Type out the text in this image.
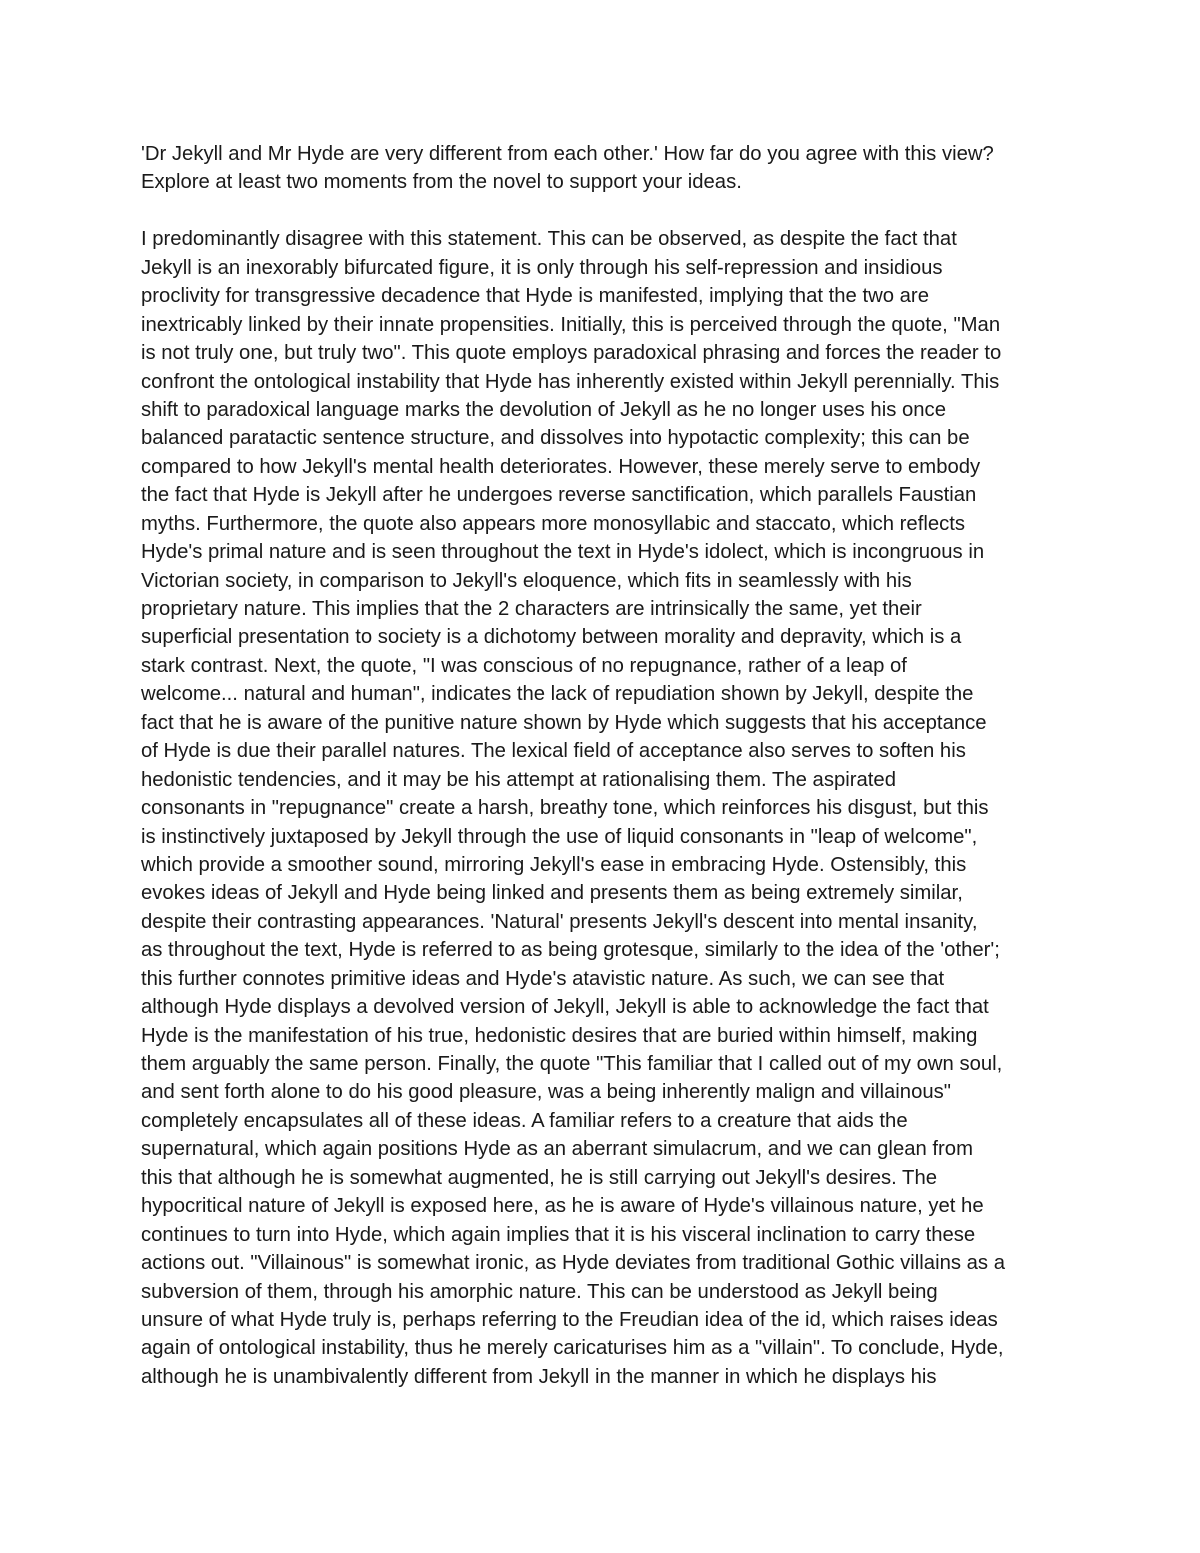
'Dr Jekyll and Mr Hyde are very different from each other.' How far do you agree with this view?
Explore at least two moments from the novel to support your ideas.
I predominantly disagree with this statement. This can be observed, as despite the fact that
Jekyll is an inexorably bifurcated figure, it is only through his self-repression and insidious
proclivity for transgressive decadence that Hyde is manifested, implying that the two are
inextricably linked by their innate propensities. Initially, this is perceived through the quote, "Man
is not truly one, but truly two". This quote employs paradoxical phrasing and forces the reader to
confront the ontological instability that Hyde has inherently existed within Jekyll perennially. This
shift to paradoxical language marks the devolution of Jekyll as he no longer uses his once
balanced paratactic sentence structure, and dissolves into hypotactic complexity; this can be
compared to how Jekyll's mental health deteriorates. However, these merely serve to embody
the fact that Hyde is Jekyll after he undergoes reverse sanctification, which parallels Faustian
myths. Furthermore, the quote also appears more monosyllabic and staccato, which reflects
Hyde's primal nature and is seen throughout the text in Hyde's idolect, which is incongruous in
Victorian society, in comparison to Jekyll's eloquence, which fits in seamlessly with his
proprietary nature. This implies that the 2 characters are intrinsically the same, yet their
superficial presentation to society is a dichotomy between morality and depravity, which is a
stark contrast. Next, the quote, "I was conscious of no repugnance, rather of a leap of
welcome... natural and human", indicates the lack of repudiation shown by Jekyll, despite the
fact that he is aware of the punitive nature shown by Hyde which suggests that his acceptance
of Hyde is due their parallel natures. The lexical field of acceptance also serves to soften his
hedonistic tendencies, and it may be his attempt at rationalising them. The aspirated
consonants in "repugnance" create a harsh, breathy tone, which reinforces his disgust, but this
is instinctively juxtaposed by Jekyll through the use of liquid consonants in "leap of welcome",
which provide a smoother sound, mirroring Jekyll's ease in embracing Hyde. Ostensibly, this
evokes ideas of Jekyll and Hyde being linked and presents them as being extremely similar,
despite their contrasting appearances. 'Natural' presents Jekyll's descent into mental insanity,
as throughout the text, Hyde is referred to as being grotesque, similarly to the idea of the 'other';
this further connotes primitive ideas and Hyde's atavistic nature. As such, we can see that
although Hyde displays a devolved version of Jekyll, Jekyll is able to acknowledge the fact that
Hyde is the manifestation of his true, hedonistic desires that are buried within himself, making
them arguably the same person. Finally, the quote "This familiar that I called out of my own soul,
and sent forth alone to do his good pleasure, was a being inherently malign and villainous"
completely encapsulates all of these ideas. A familiar refers to a creature that aids the
supernatural, which again positions Hyde as an aberrant simulacrum, and we can glean from
this that although he is somewhat augmented, he is still carrying out Jekyll's desires. The
hypocritical nature of Jekyll is exposed here, as he is aware of Hyde's villainous nature, yet he
continues to turn into Hyde, which again implies that it is his visceral inclination to carry these
actions out. "Villainous" is somewhat ironic, as Hyde deviates from traditional Gothic villains as a
subversion of them, through his amorphic nature. This can be understood as Jekyll being
unsure of what Hyde truly is, perhaps referring to the Freudian idea of the id, which raises ideas
again of ontological instability, thus he merely caricaturises him as a "villain". To conclude, Hyde,
although he is unambivalently different from Jekyll in the manner in which he displays his
